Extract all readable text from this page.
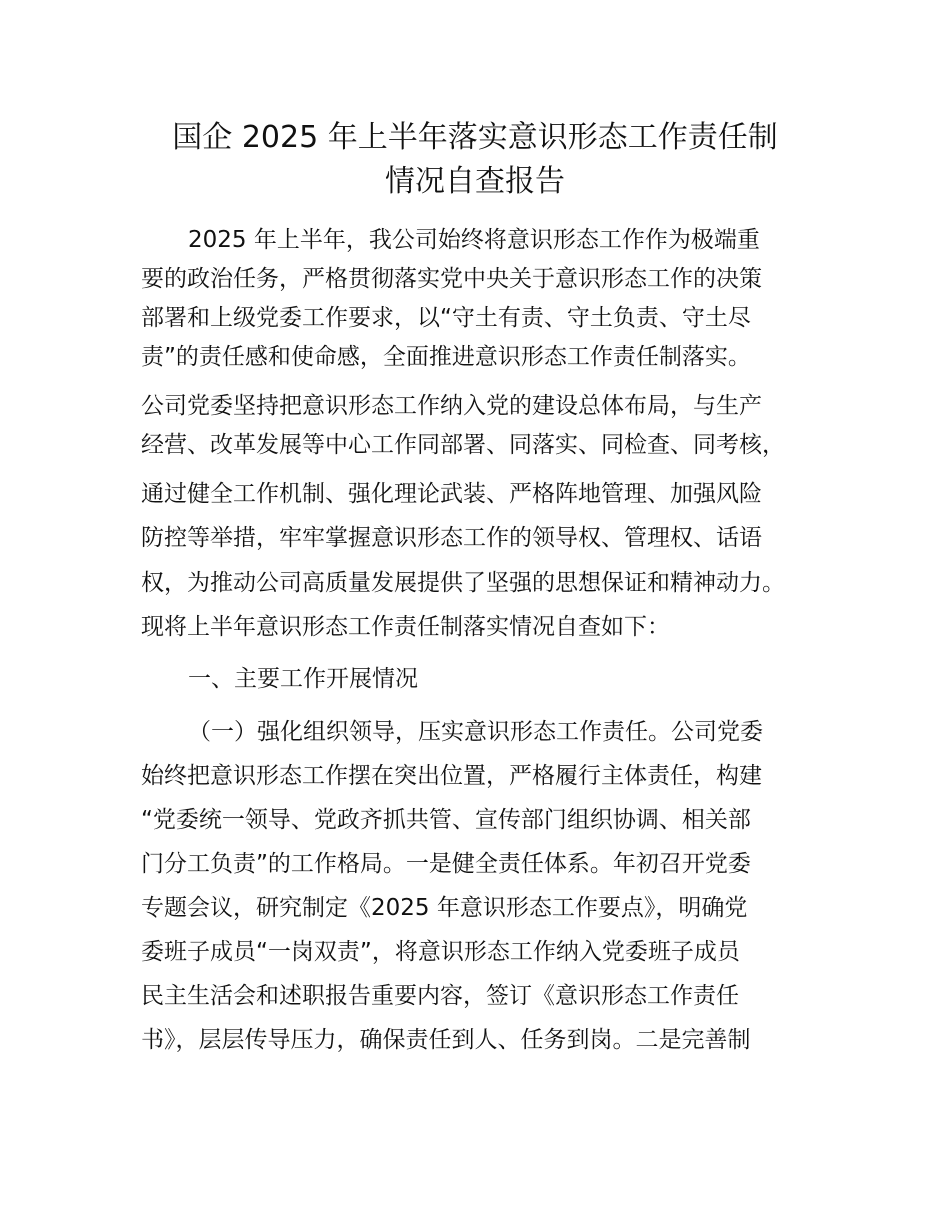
国企 2025 年上半年落实意识形态工作责任制
情况自查报告
2025 年上半年，我公司始终将意识形态工作作为极端重
要的政治任务，严格贯彻落实党中央关于意识形态工作的决策
部署和上级党委工作要求，以“守土有责、守土负责、守土尽
责”的责任感和使命感，全面推进意识形态工作责任制落实。
公司党委坚持把意识形态工作纳入党的建设总体布局，与生产
经营、改革发展等中心工作同部署、同落实、同检查、同考核，
通过健全工作机制、强化理论武装、严格阵地管理、加强风险
防控等举措，牢牢掌握意识形态工作的领导权、管理权、话语
权，为推动公司高质量发展提供了坚强的思想保证和精神动力。
现将上半年意识形态工作责任制落实情况自查如下：
一、主要工作开展情况
（一）强化组织领导，压实意识形态工作责任。公司党委
始终把意识形态工作摆在突出位置，严格履行主体责任，构建
“党委统一领导、党政齐抓共管、宣传部门组织协调、相关部
门分工负责”的工作格局。一是健全责任体系。年初召开党委
专题会议，研究制定《2025 年意识形态工作要点》，明确党
委班子成员“一岗双责”，将意识形态工作纳入党委班子成员
民主生活会和述职报告重要内容，签订《意识形态工作责任
书》，层层传导压力，确保责任到人、任务到岗。二是完善制
